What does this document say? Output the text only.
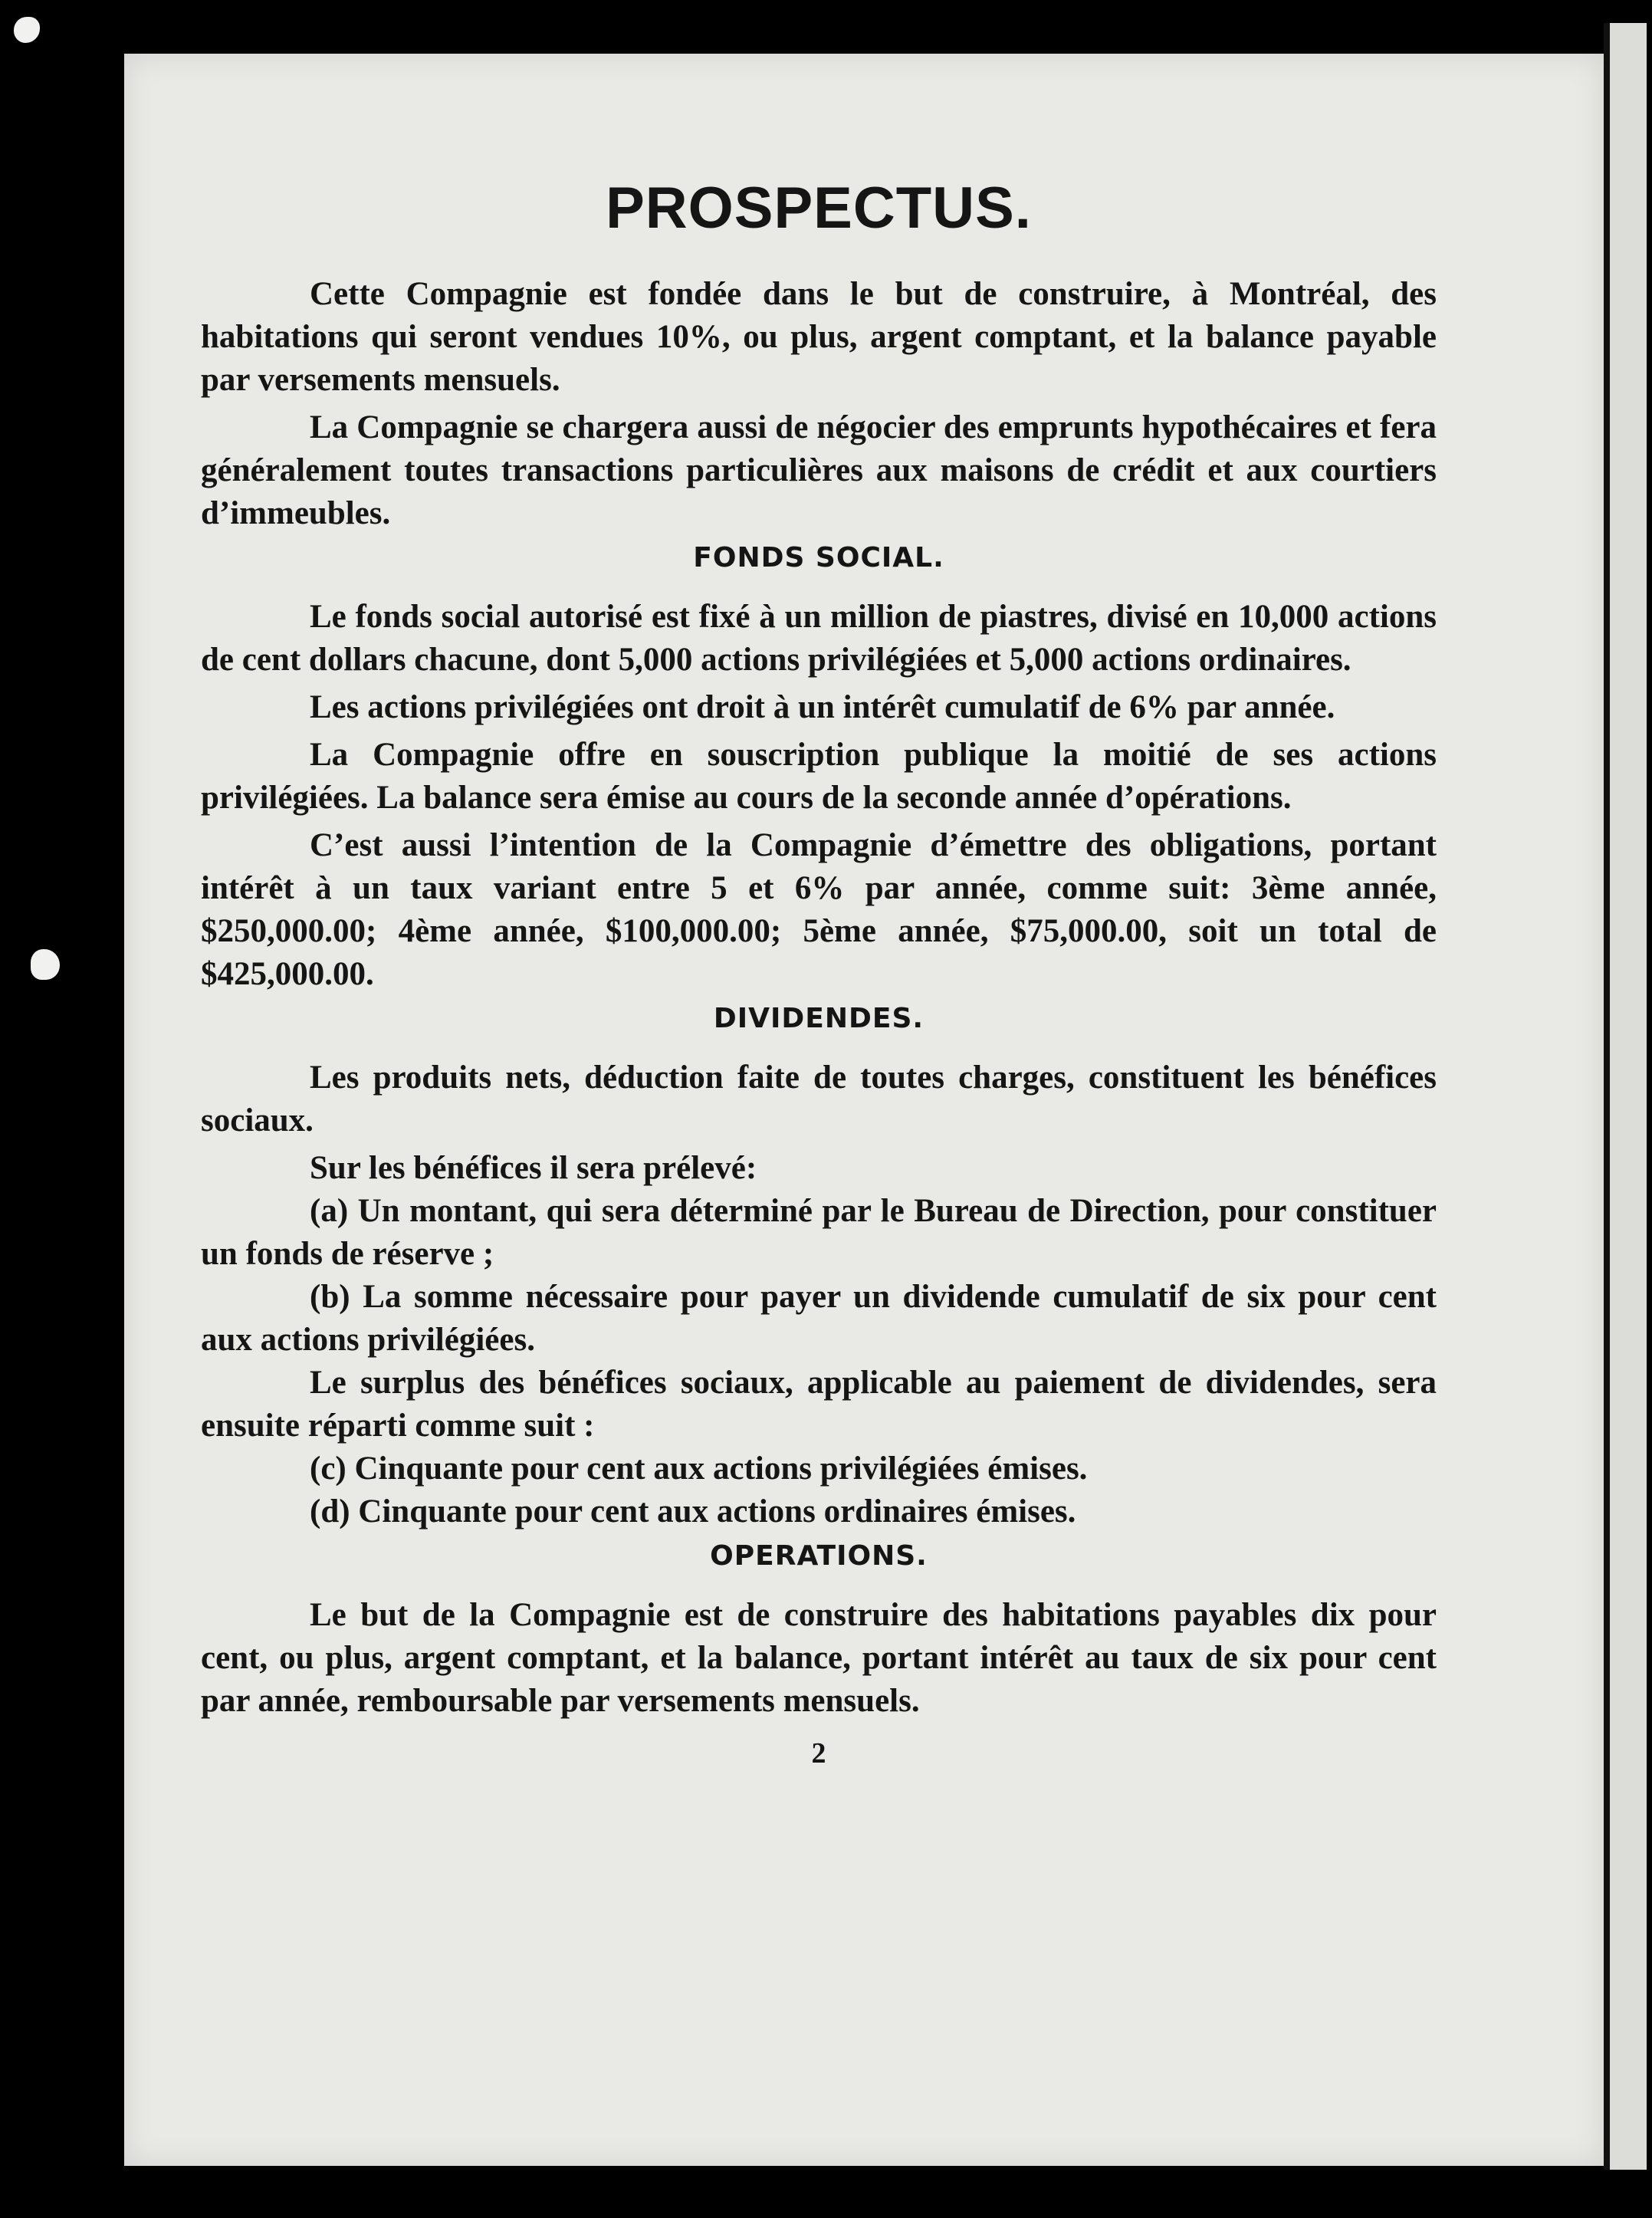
PROSPECTUS.

Cette Compagnie est fondée dans le but de construire, à Montréal, des habitations qui seront vendues 10%, ou plus, argent comptant, et la balance payable par versements mensuels.

La Compagnie se chargera aussi de négocier des emprunts hypothécaires et fera généralement toutes transactions particulières aux maisons de crédit et aux courtiers d’immeubles.

FONDS SOCIAL.

Le fonds social autorisé est fixé à un million de piastres, divisé en 10,000 actions de cent dollars chacune, dont 5,000 actions privilégiées et 5,000 actions ordinaires.

Les actions privilégiées ont droit à un intérêt cumulatif de 6% par année.

La Compagnie offre en souscription publique la moitié de ses actions privilégiées. La balance sera émise au cours de la seconde année d’opérations.

C’est aussi l’intention de la Compagnie d’émettre des obligations, portant intérêt à un taux variant entre 5 et 6% par année, comme suit: 3ème année, $250,000.00; 4ème année, $100,000.00; 5ème année, $75,000.00, soit un total de $425,000.00.

DIVIDENDES.

Les produits nets, déduction faite de toutes charges, constituent les bénéfices sociaux.

Sur les bénéfices il sera prélevé:

(a) Un montant, qui sera déterminé par le Bureau de Direction, pour constituer un fonds de réserve ;

(b) La somme nécessaire pour payer un dividende cumulatif de six pour cent aux actions privilégiées.

Le surplus des bénéfices sociaux, applicable au paiement de dividendes, sera ensuite réparti comme suit :

(c) Cinquante pour cent aux actions privilégiées émises.

(d) Cinquante pour cent aux actions ordinaires émises.

OPERATIONS.

Le but de la Compagnie est de construire des habitations payables dix pour cent, ou plus, argent comptant, et la balance, portant intérêt au taux de six pour cent par année, remboursable par versements mensuels.

2
